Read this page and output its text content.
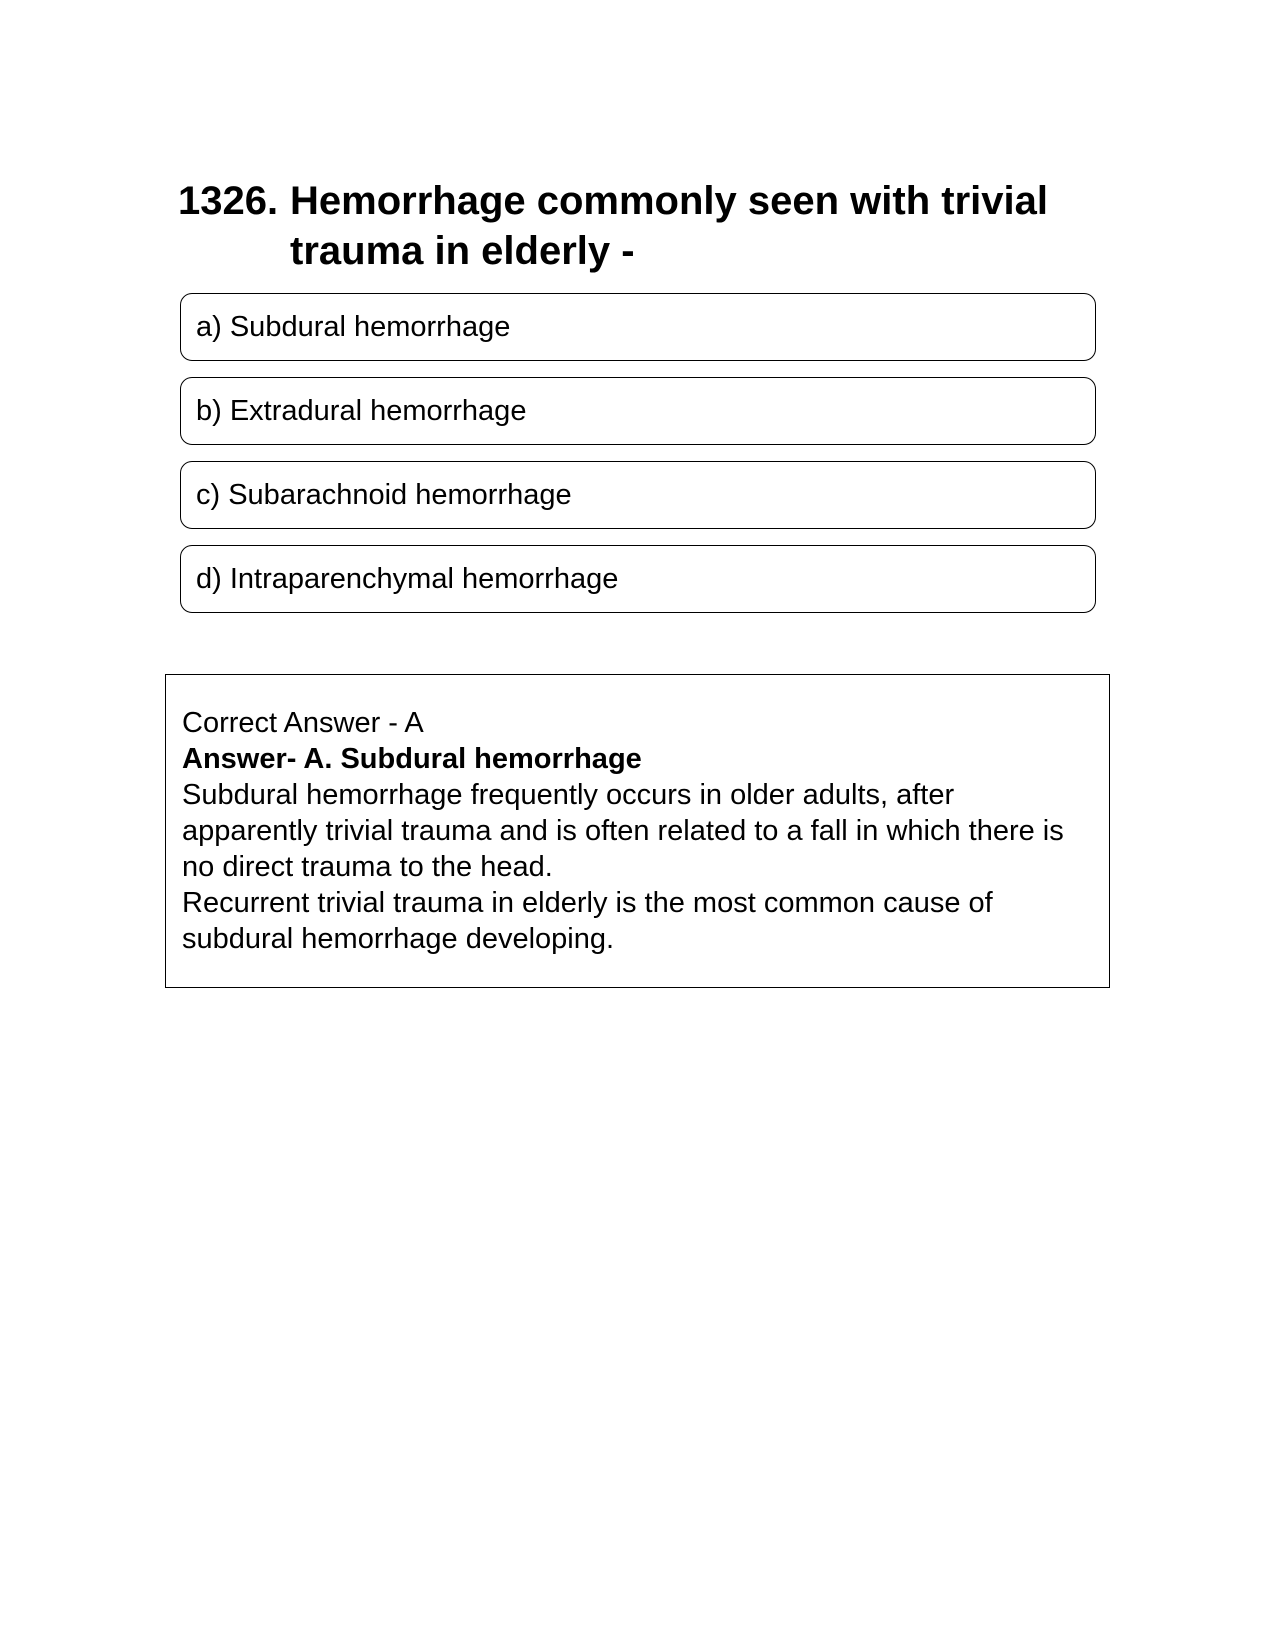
1326. Hemorrhage commonly seen with trivial trauma in elderly -
a) Subdural hemorrhage
b) Extradural hemorrhage
c) Subarachnoid hemorrhage
d) Intraparenchymal hemorrhage

Correct Answer - A

Answer- A. Subdural hemorrhage

Subdural hemorrhage frequently occurs in older adults, after apparently trivial trauma and is often related to a fall in which there is no direct trauma to the head.

Recurrent trivial trauma in elderly is the most common cause of subdural hemorrhage developing.
